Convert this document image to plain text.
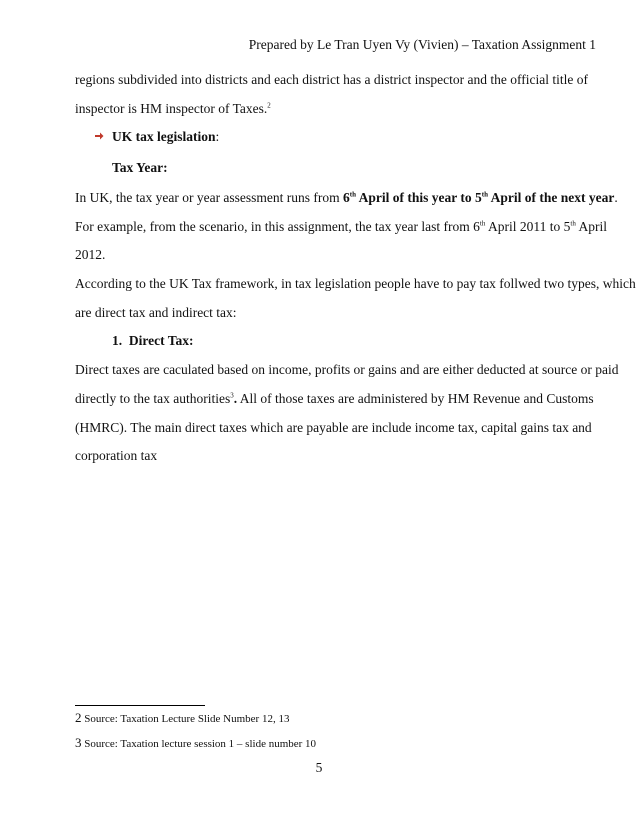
Prepared by Le Tran Uyen Vy (Vivien) – Taxation Assignment 1
regions subdivided into districts and each district has a district inspector and the official title of
inspector is HM inspector of Taxes.$^2$
UK tax legislation:
Tax Year:
In UK, the tax year or year assessment runs from 6th April of this year to 5th April of the next year.
For example, from the scenario, in this assignment, the tax year last from 6th April 2011 to 5th April
2012.
According to the UK Tax framework, in tax legislation people have to pay tax follwed two types, which
are direct tax and indirect tax:
1. Direct Tax:
Direct taxes are caculated based on income, profits or gains and are either deducted at source or paid
directly to the tax authorities$^3$. All of those taxes are administered by HM Revenue and Customs
(HMRC). The main direct taxes which are payable are include income tax, capital gains tax and
corporation tax
2 Source: Taxation Lecture Slide Number 12, 13
3 Source: Taxation lecture session 1 – slide number 10
5
